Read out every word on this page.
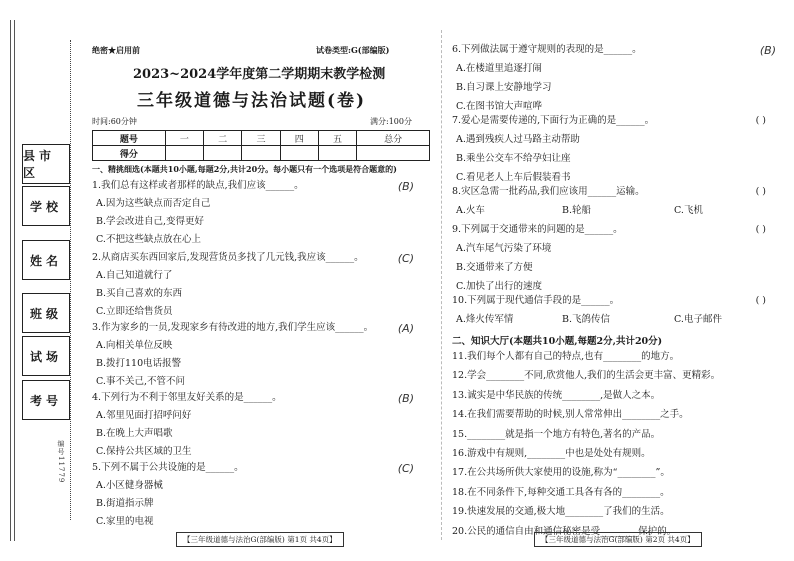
县市区
学校
姓名
班级
试场
考号
编号11779
绝密★启用前	试卷类型:G(部编版)
2023~2024学年度第二学期期末教学检测
三年级道德与法治试题(卷)
时间:60分钟	满分:100分
题号	一	二	三	四	五	总分
得分						
一、精挑细选(本题共10小题,每题2分,共计20分。每小题只有一个选项是符合题意的)
1.我们总有这样或者那样的缺点,我们应该______。	(B)
A.因为这些缺点而否定自己
B.学会改进自己,变得更好
C.不把这些缺点放在心上
2.从商店买东西回家后,发现营货员多找了几元钱,我应该______。	(C)
A.自己知道就行了
B.买自己喜欢的东西
C.立即还给售货员
3.作为家乡的一员,发现家乡有待改进的地方,我们学生应该______。	(A)
A.向相关单位反映
B.拨打110电话报警
C.事不关己,不管不问
4.下列行为不利于邻里友好关系的是______。	(B)
A.邻里见面打招呼问好
B.在晚上大声唱歌
C.保持公共区域的卫生
5.下列不属于公共设施的是______。	(C)
A.小区健身器械
B.街道指示牌
C.家里的电视
【三年级道德与法治G(部编版) 第1页 共4页】
6.下列做法属于遵守规则的表现的是______。	(B)
A.在楼道里追逐打闹
B.自习课上安静地学习
C.在图书馆大声喧哗
7.爱心是需要传递的,下面行为正确的是______。	( )
A.遇到残疾人过马路主动帮助
B.乘坐公交车不给孕妇让座
C.看见老人上车后假装看书
8.灾区急需一批药品,我们应该用______运输。	( )
A.火车	B.轮船	C.飞机
9.下列属于交通带来的问题的是______。	( )
A.汽车尾气污染了环境
B.交通带来了方便
C.加快了出行的速度
10.下列属于现代通信手段的是______。	( )
A.烽火传军情	B.飞鸽传信	C.电子邮件
二、知识大厅(本题共10小题,每题2分,共计20分)
11.我们每个人都有自己的特点,也有________的地方。
12.学会________不同,欣赏他人,我们的生活会更丰富、更精彩。
13.诚实是中华民族的传统________,是做人之本。
14.在我们需要帮助的时候,别人常常伸出________之手。
15.________就是指一个地方有特色,著名的产品。
16.游戏中有规则,________中也是处处有规则。
17.在公共场所供大家使用的设施,称为“________”。
18.在不同条件下,每种交通工具各有各的________。
19.快速发展的交通,极大地________了我们的生活。
20.公民的通信自由和通信秘密是受________保护的。
【三年级道德与法治G(部编版) 第2页 共4页】
